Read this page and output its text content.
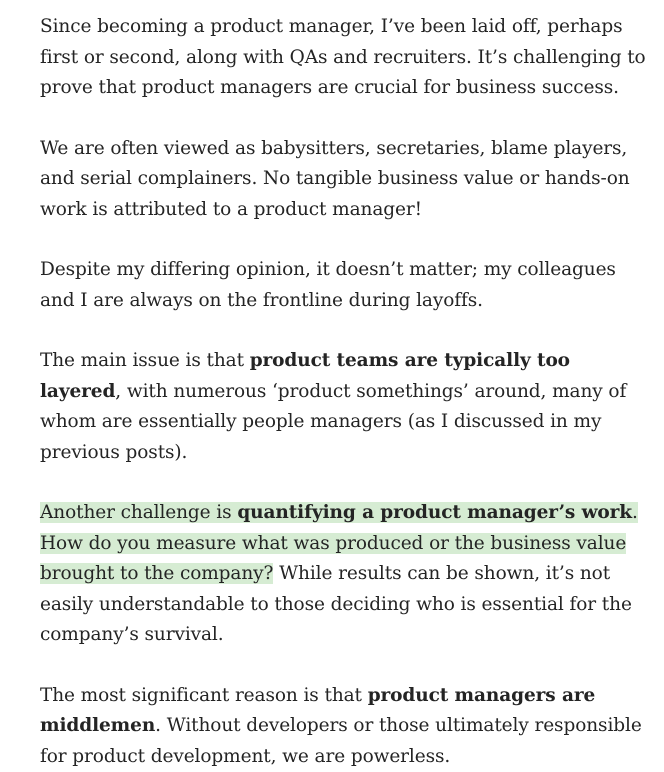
Since becoming a product manager, I’ve been laid off, perhaps first or second, along with QAs and recruiters. It’s challenging to prove that product managers are crucial for business success.

We are often viewed as babysitters, secretaries, blame players, and serial complainers. No tangible business value or hands-on work is attributed to a product manager!

Despite my differing opinion, it doesn’t matter; my colleagues and I are always on the frontline during layoffs.

The main issue is that product teams are typically too layered, with numerous ‘product somethings’ around, many of whom are essentially people managers (as I discussed in my previous posts).

Another challenge is quantifying a product manager’s work. How do you measure what was produced or the business value brought to the company? While results can be shown, it’s not easily understandable to those deciding who is essential for the company’s survival.

The most significant reason is that product managers are middlemen. Without developers or those ultimately responsible for product development, we are powerless.
